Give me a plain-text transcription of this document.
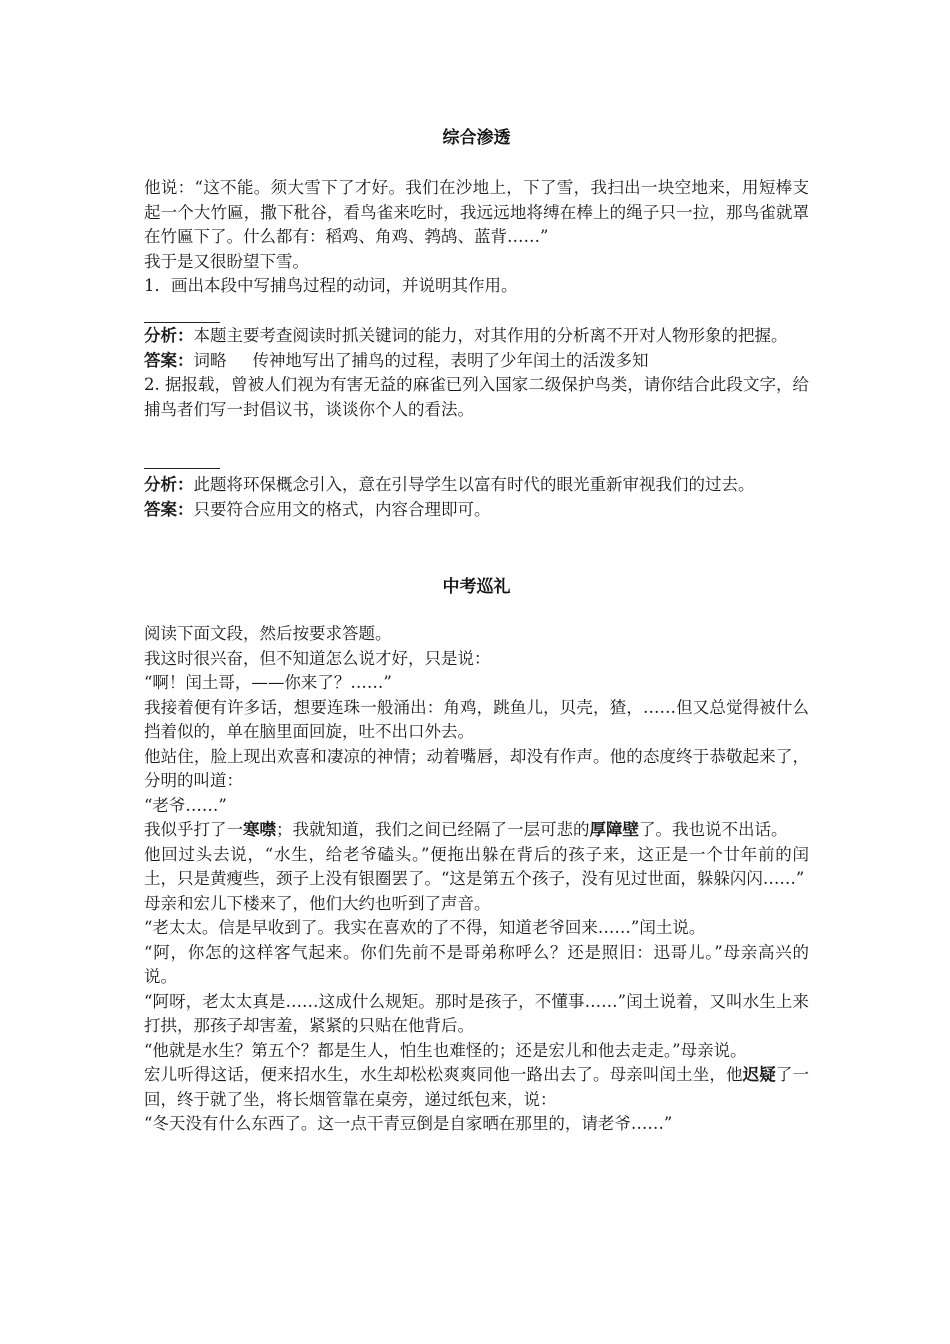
综合渗透

他说：“这不能。须大雪下了才好。我们在沙地上，下了雪，我扫出一块空地来，用短棒支起一个大竹匾，撒下秕谷，看鸟雀来吃时，我远远地将缚在棒上的绳子只一拉，那鸟雀就罩在竹匾下了。什么都有：稻鸡、角鸡、鹁鸪、蓝背……”

我于是又很盼望下雪。

1．画出本段中写捕鸟过程的动词，并说明其作用。

分析：本题主要考查阅读时抓关键词的能力，对其作用的分析离不开对人物形象的把握。

答案：词略 传神地写出了捕鸟的过程，表明了少年闰土的活泼多知

2. 据报载，曾被人们视为有害无益的麻雀已列入国家二级保护鸟类，请你结合此段文字，给捕鸟者们写一封倡议书，谈谈你个人的看法。

分析：此题将环保概念引入，意在引导学生以富有时代的眼光重新审视我们的过去。

答案：只要符合应用文的格式，内容合理即可。

中考巡礼

阅读下面文段，然后按要求答题。

我这时很兴奋，但不知道怎么说才好，只是说：

“啊！闰土哥，——你来了？……”

我接着便有许多话，想要连珠一般涌出：角鸡，跳鱼儿，贝壳，猹，……但又总觉得被什么挡着似的，单在脑里面回旋，吐不出口外去。

他站住，脸上现出欢喜和凄凉的神情；动着嘴唇，却没有作声。他的态度终于恭敬起来了，分明的叫道：

“老爷……”

我似乎打了一寒噤；我就知道，我们之间已经隔了一层可悲的厚障壁了。我也说不出话。

他回过头去说，“水生，给老爷磕头。”便拖出躲在背后的孩子来，这正是一个廿年前的闰土，只是黄瘦些，颈子上没有银圈罢了。“这是第五个孩子，没有见过世面，躲躲闪闪……”

母亲和宏儿下楼来了，他们大约也听到了声音。

“老太太。信是早收到了。我实在喜欢的了不得，知道老爷回来……”闰土说。

“阿，你怎的这样客气起来。你们先前不是哥弟称呼么？还是照旧：迅哥儿。”母亲高兴的说。

“阿呀，老太太真是……这成什么规矩。那时是孩子，不懂事……”闰土说着，又叫水生上来打拱，那孩子却害羞，紧紧的只贴在他背后。

“他就是水生？第五个？都是生人，怕生也难怪的；还是宏儿和他去走走。”母亲说。

宏儿听得这话，便来招水生，水生却松松爽爽同他一路出去了。母亲叫闰土坐，他迟疑了一回，终于就了坐，将长烟管靠在桌旁，递过纸包来，说：

“冬天没有什么东西了。这一点干青豆倒是自家晒在那里的，请老爷……”
